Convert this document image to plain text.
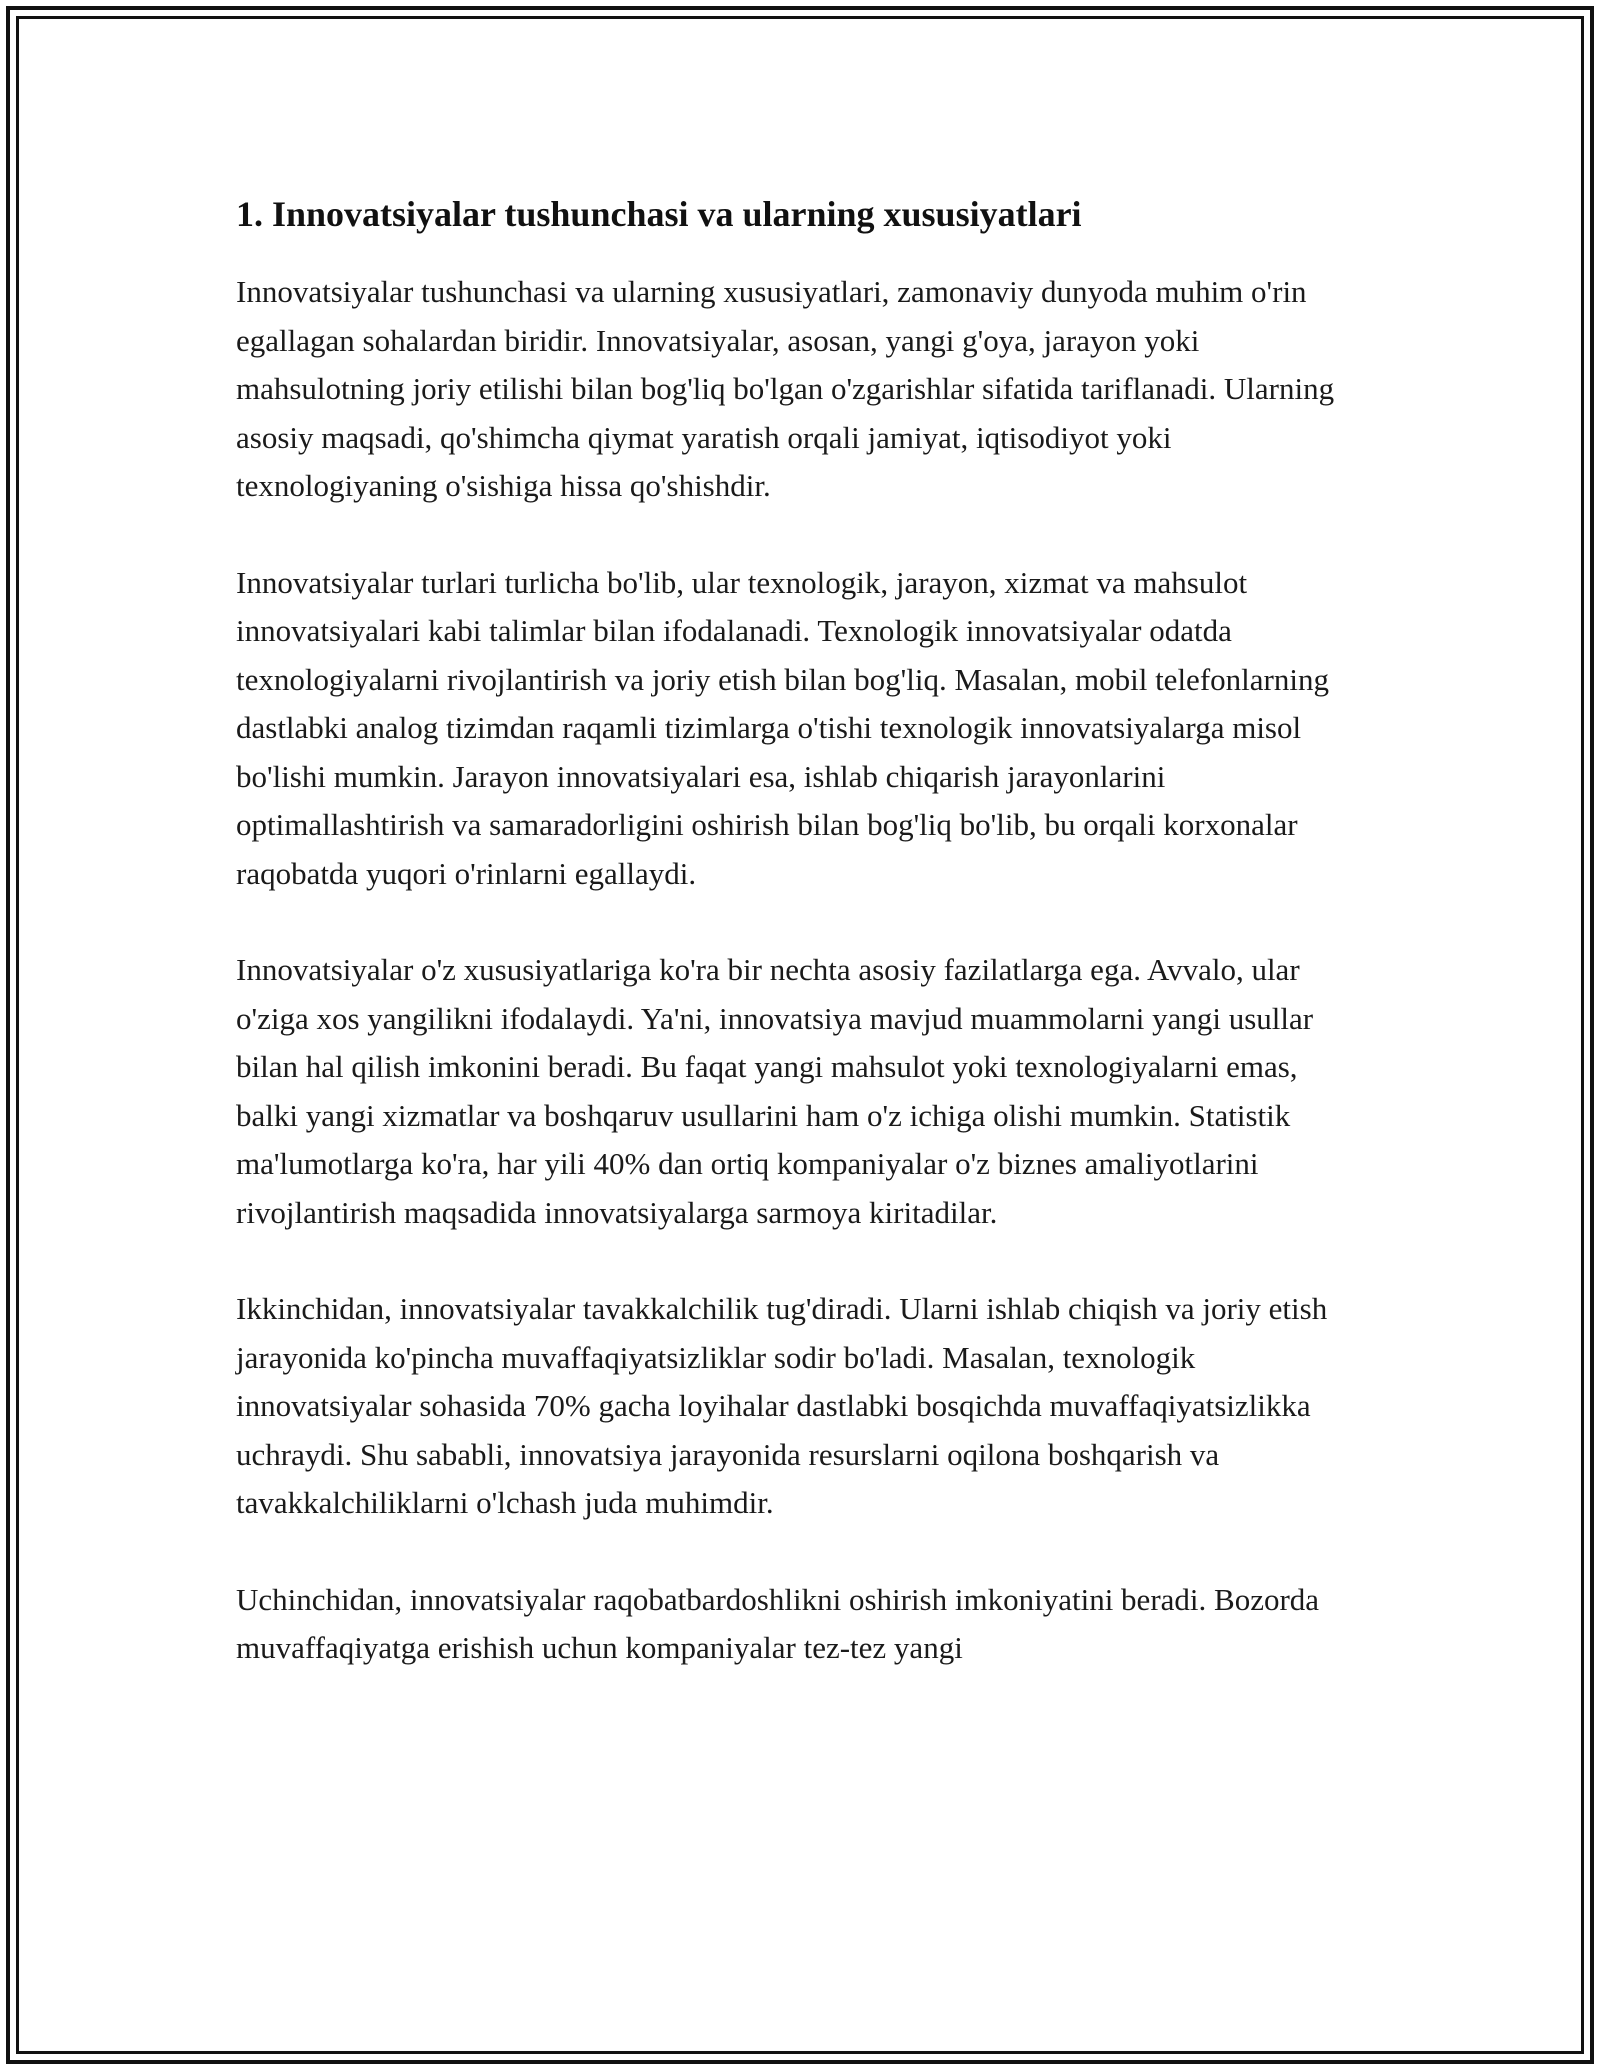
1. Innovatsiyalar tushunchasi va ularning xususiyatlari

Innovatsiyalar tushunchasi va ularning xususiyatlari, zamonaviy dunyoda muhim o'rin egallagan sohalardan biridir. Innovatsiyalar, asosan, yangi g'oya, jarayon yoki mahsulotning joriy etilishi bilan bog'liq bo'lgan o'zgarishlar sifatida tariflanadi. Ularning asosiy maqsadi, qo'shimcha qiymat yaratish orqali jamiyat, iqtisodiyot yoki texnologiyaning o'sishiga hissa qo'shishdir.

Innovatsiyalar turlari turlicha bo'lib, ular texnologik, jarayon, xizmat va mahsulot innovatsiyalari kabi talimlar bilan ifodalanadi. Texnologik innovatsiyalar odatda texnologiyalarni rivojlantirish va joriy etish bilan bog'liq. Masalan, mobil telefonlarning dastlabki analog tizimdan raqamli tizimlarga o'tishi texnologik innovatsiyalarga misol bo'lishi mumkin. Jarayon innovatsiyalari esa, ishlab chiqarish jarayonlarini optimallashtirish va samaradorligini oshirish bilan bog'liq bo'lib, bu orqali korxonalar raqobatda yuqori o'rinlarni egallaydi.

Innovatsiyalar o'z xususiyatlariga ko'ra bir nechta asosiy fazilatlarga ega. Avvalo, ular o'ziga xos yangilikni ifodalaydi. Ya'ni, innovatsiya mavjud muammolarni yangi usullar bilan hal qilish imkonini beradi. Bu faqat yangi mahsulot yoki texnologiyalarni emas, balki yangi xizmatlar va boshqaruv usullarini ham o'z ichiga olishi mumkin. Statistik ma'lumotlarga ko'ra, har yili 40% dan ortiq kompaniyalar o'z biznes amaliyotlarini rivojlantirish maqsadida innovatsiyalarga sarmoya kiritadilar.

Ikkinchidan, innovatsiyalar tavakkalchilik tug'diradi. Ularni ishlab chiqish va joriy etish jarayonida ko'pincha muvaffaqiyatsizliklar sodir bo'ladi. Masalan, texnologik innovatsiyalar sohasida 70% gacha loyihalar dastlabki bosqichda muvaffaqiyatsizlikka uchraydi. Shu sababli, innovatsiya jarayonida resurslarni oqilona boshqarish va tavakkalchiliklarni o'lchash juda muhimdir.

Uchinchidan, innovatsiyalar raqobatbardoshlikni oshirish imkoniyatini beradi. Bozorda muvaffaqiyatga erishish uchun kompaniyalar tez-tez yangi
